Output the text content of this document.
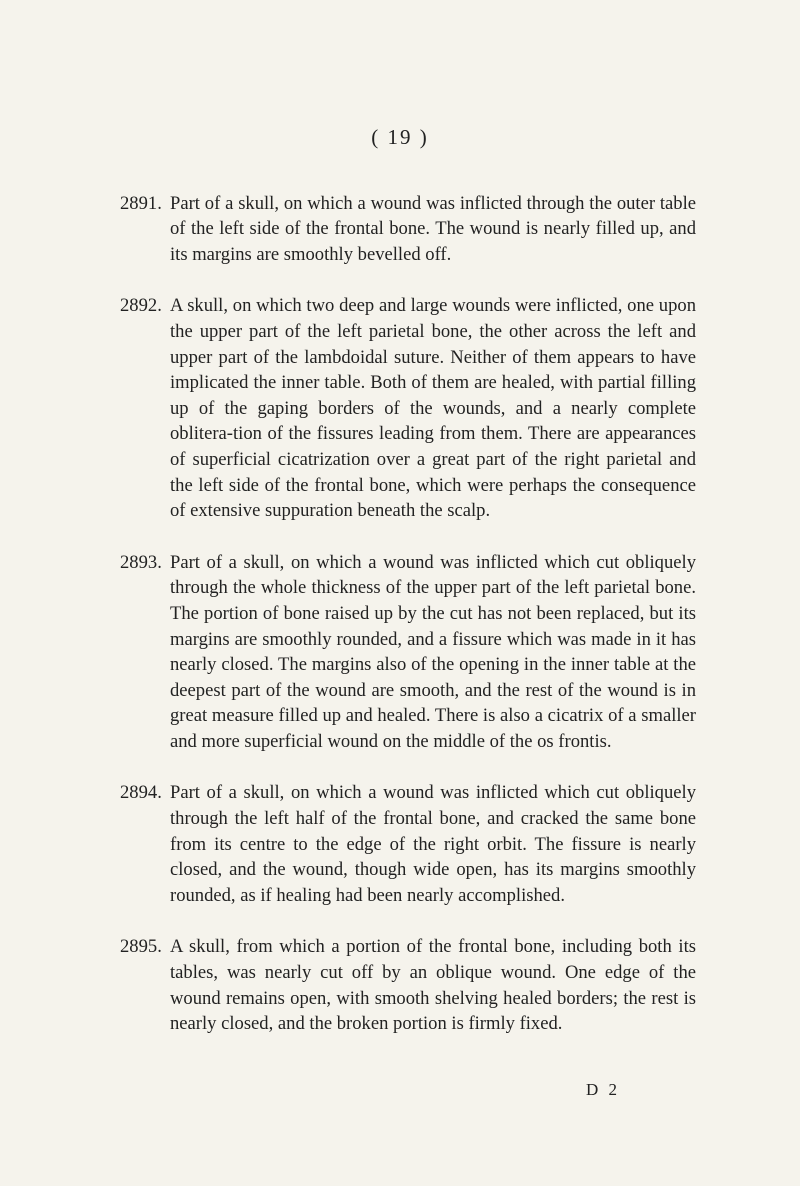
( 19 )

2891. Part of a skull, on which a wound was inflicted through the outer table of the left side of the frontal bone. The wound is nearly filled up, and its margins are smoothly bevelled off.

2892. A skull, on which two deep and large wounds were inflicted, one upon the upper part of the left parietal bone, the other across the left and upper part of the lambdoidal suture. Neither of them appears to have implicated the inner table. Both of them are healed, with partial filling up of the gaping borders of the wounds, and a nearly complete oblitera-tion of the fissures leading from them. There are appearances of superficial cicatrization over a great part of the right parietal and the left side of the frontal bone, which were perhaps the consequence of extensive suppuration beneath the scalp.

2893. Part of a skull, on which a wound was inflicted which cut obliquely through the whole thickness of the upper part of the left parietal bone. The portion of bone raised up by the cut has not been replaced, but its margins are smoothly rounded, and a fissure which was made in it has nearly closed. The margins also of the opening in the inner table at the deepest part of the wound are smooth, and the rest of the wound is in great measure filled up and healed. There is also a cicatrix of a smaller and more superficial wound on the middle of the os frontis.

2894. Part of a skull, on which a wound was inflicted which cut obliquely through the left half of the frontal bone, and cracked the same bone from its centre to the edge of the right orbit. The fissure is nearly closed, and the wound, though wide open, has its margins smoothly rounded, as if healing had been nearly accomplished.

2895. A skull, from which a portion of the frontal bone, including both its tables, was nearly cut off by an oblique wound. One edge of the wound remains open, with smooth shelving healed borders; the rest is nearly closed, and the broken portion is firmly fixed.

D 2
